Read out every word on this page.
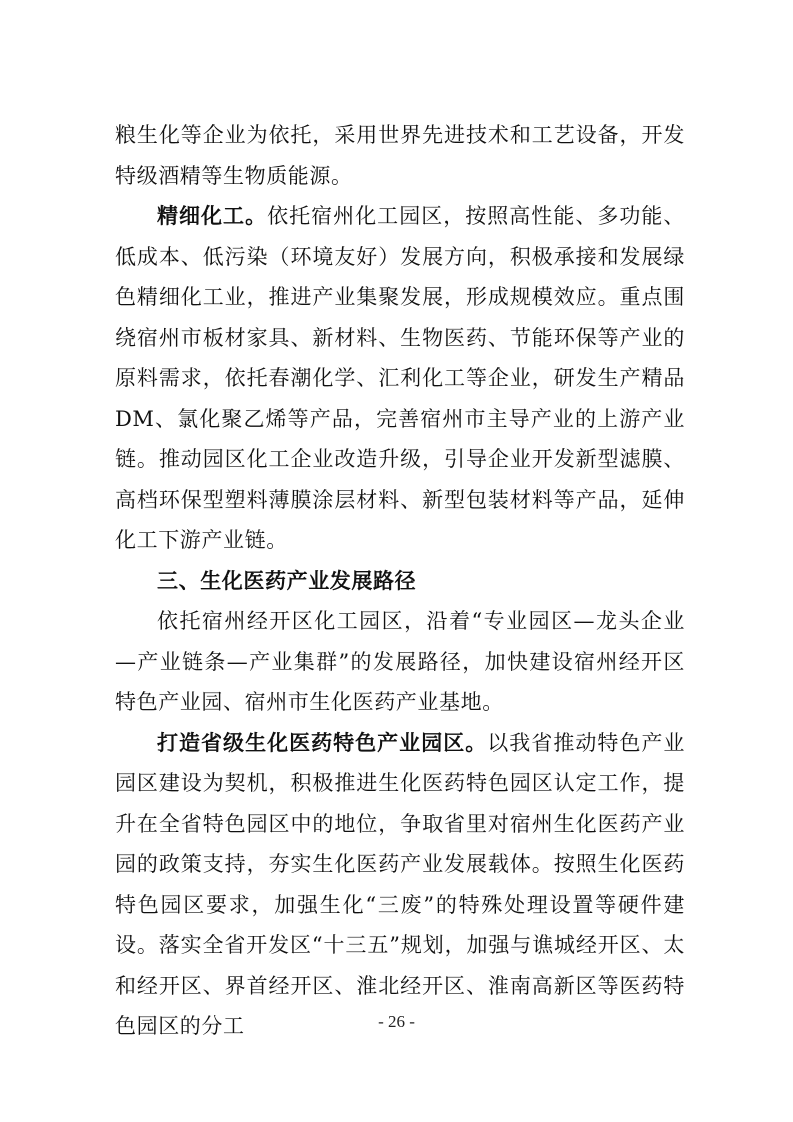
粮生化等企业为依托，采用世界先进技术和工艺设备，开发特级酒精等生物质能源。

精细化工。依托宿州化工园区，按照高性能、多功能、低成本、低污染（环境友好）发展方向，积极承接和发展绿色精细化工业，推进产业集聚发展，形成规模效应。重点围绕宿州市板材家具、新材料、生物医药、节能环保等产业的原料需求，依托春潮化学、汇利化工等企业，研发生产精品DM、氯化聚乙烯等产品，完善宿州市主导产业的上游产业链。推动园区化工企业改造升级，引导企业开发新型滤膜、高档环保型塑料薄膜涂层材料、新型包装材料等产品，延伸化工下游产业链。

三、生化医药产业发展路径

依托宿州经开区化工园区，沿着“专业园区—龙头企业—产业链条—产业集群”的发展路径，加快建设宿州经开区特色产业园、宿州市生化医药产业基地。

打造省级生化医药特色产业园区。以我省推动特色产业园区建设为契机，积极推进生化医药特色园区认定工作，提升在全省特色园区中的地位，争取省里对宿州生化医药产业园的政策支持，夯实生化医药产业发展载体。按照生化医药特色园区要求，加强生化“三废”的特殊处理设置等硬件建设。落实全省开发区“十三五”规划，加强与谯城经开区、太和经开区、界首经开区、淮北经开区、淮南高新区等医药特色园区的分工	- 26 -
